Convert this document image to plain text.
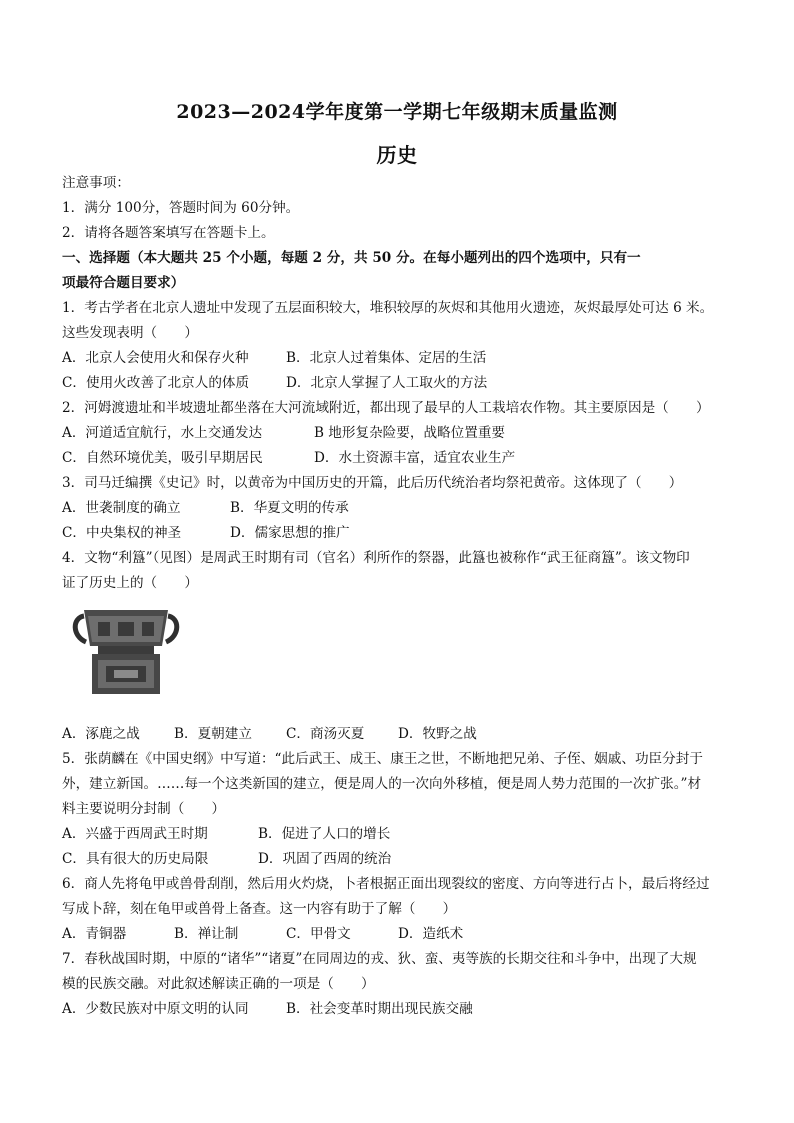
2023—2024学年度第一学期七年级期末质量监测
历史
注意事项：
1．满分 100分，答题时间为 60分钟。
2．请将各题答案填写在答题卡上。
一、选择题（本大题共 25 个小题，每题 2 分，共 50 分。在每小题列出的四个选项中，只有一
项最符合题目要求）
1．考古学者在北京人遗址中发现了五层面积较大，堆积较厚的灰烬和其他用火遗迹，灰烬最厚处可达 6 米。
这些发现表明（　　）
A．北京人会使用火和保存火种	B．北京人过着集体、定居的生活
C．使用火改善了北京人的体质	D．北京人掌握了人工取火的方法
2．河姆渡遗址和半坡遗址都坐落在大河流域附近，都出现了最早的人工栽培农作物。其主要原因是（　　）
A．河道适宜航行，水上交通发达	B 地形复杂险要，战略位置重要
C．自然环境优美，吸引早期居民	D．水土资源丰富，适宜农业生产
3．司马迁编撰《史记》时，以黄帝为中国历史的开篇，此后历代统治者均祭祀黄帝。这体现了（　　）
A．世袭制度的确立	B．华夏文明的传承
C．中央集权的神圣	D．儒家思想的推广
4．文物“利簋”（见图）是周武王时期有司（官名）利所作的祭器，此簋也被称作“武王征商簋”。该文物印
证了历史上的（　　）
A．涿鹿之战	B．夏朝建立	C．商汤灭夏 D．牧野之战
5．张荫麟在《中国史纲》中写道：“此后武王、成王、康王之世，不断地把兄弟、子侄、姻戚、功臣分封于
外，建立新国。……每一个这类新国的建立，便是周人的一次向外移植，便是周人势力范围的一次扩张。”材
料主要说明分封制（　　）
A．兴盛于西周武王时期	B．促进了人口的增长
C．具有很大的历史局限	D．巩固了西周的统治
6．商人先将龟甲或兽骨刮削，然后用火灼烧，卜者根据正面出现裂纹的密度、方向等进行占卜，最后将经过
写成卜辞，刻在龟甲或兽骨上备查。这一内容有助于了解（　　）
A．青铜器	B．禅让制	C．甲骨文	D．造纸术
7．春秋战国时期，中原的“诸华”“诸夏”在同周边的戎、狄、蛮、夷等族的长期交往和斗争中，出现了大规
模的民族交融。对此叙述解读正确的一项是（　　）
A．少数民族对中原文明的认同	B．社会变革时期出现民族交融
